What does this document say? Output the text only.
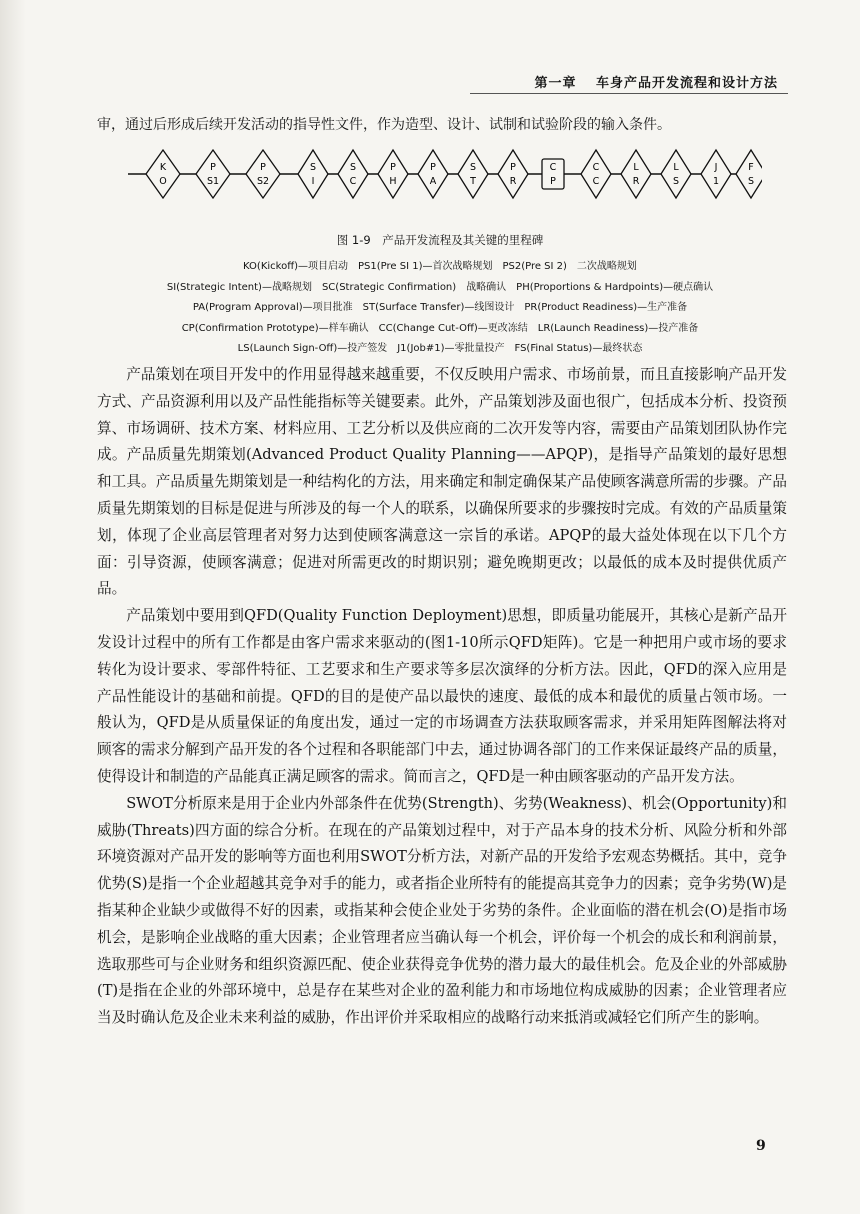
第一章 车身产品开发流程和设计方法
审，通过后形成后续开发活动的指导性文件，作为造型、设计、试制和试验阶段的输入条件。
K
O
P
S1
P
S2
S
I
S
C
P
H
P
A
S
T
P
R
C
P
C
C
L
R
L
S
J
1
F
S
图 1-9　产品开发流程及其关键的里程碑
KO(Kickoff)—项目启动　PS1(Pre SI 1)—首次战略规划　PS2(Pre SI 2)　二次战略规划
SI(Strategic Intent)—战略规划　SC(Strategic Confirmation)　战略确认　PH(Proportions & Hardpoints)—硬点确认
PA(Program Approval)—项目批准　ST(Surface Transfer)—线图设计　PR(Product Readiness)—生产准备
CP(Confirmation Prototype)—样车确认　CC(Change Cut-Off)—更改冻结　LR(Launch Readiness)—投产准备
LS(Launch Sign-Off)—投产签发　J1(Job#1)—零批量投产　FS(Final Status)—最终状态

产品策划在项目开发中的作用显得越来越重要，不仅反映用户需求、市场前景，而且直接影响产品开发方式、产品资源利用以及产品性能指标等关键要素。此外，产品策划涉及面也很广，包括成本分析、投资预算、市场调研、技术方案、材料应用、工艺分析以及供应商的二次开发等内容，需要由产品策划团队协作完成。产品质量先期策划(Advanced Product Quality Planning——APQP)，是指导产品策划的最好思想和工具。产品质量先期策划是一种结构化的方法，用来确定和制定确保某产品使顾客满意所需的步骤。产品质量先期策划的目标是促进与所涉及的每一个人的联系，以确保所要求的步骤按时完成。有效的产品质量策划，体现了企业高层管理者对努力达到使顾客满意这一宗旨的承诺。APQP的最大益处体现在以下几个方面：引导资源，使顾客满意；促进对所需更改的时期识别；避免晚期更改；以最低的成本及时提供优质产品。

产品策划中要用到QFD(Quality Function Deployment)思想，即质量功能展开，其核心是新产品开发设计过程中的所有工作都是由客户需求来驱动的(图1-10所示QFD矩阵)。它是一种把用户或市场的要求转化为设计要求、零部件特征、工艺要求和生产要求等多层次演绎的分析方法。因此，QFD的深入应用是产品性能设计的基础和前提。QFD的目的是使产品以最快的速度、最低的成本和最优的质量占领市场。一般认为，QFD是从质量保证的角度出发，通过一定的市场调查方法获取顾客需求，并采用矩阵图解法将对顾客的需求分解到产品开发的各个过程和各职能部门中去，通过协调各部门的工作来保证最终产品的质量，使得设计和制造的产品能真正满足顾客的需求。简而言之，QFD是一种由顾客驱动的产品开发方法。

SWOT分析原来是用于企业内外部条件在优势(Strength)、劣势(Weakness)、机会(Opportunity)和威胁(Threats)四方面的综合分析。在现在的产品策划过程中，对于产品本身的技术分析、风险分析和外部环境资源对产品开发的影响等方面也利用SWOT分析方法，对新产品的开发给予宏观态势概括。其中，竞争优势(S)是指一个企业超越其竞争对手的能力，或者指企业所特有的能提高其竞争力的因素；竞争劣势(W)是指某种企业缺少或做得不好的因素，或指某种会使企业处于劣势的条件。企业面临的潜在机会(O)是指市场机会，是影响企业战略的重大因素；企业管理者应当确认每一个机会，评价每一个机会的成长和利润前景，选取那些可与企业财务和组织资源匹配、使企业获得竞争优势的潜力最大的最佳机会。危及企业的外部威胁(T)是指在企业的外部环境中，总是存在某些对企业的盈利能力和市场地位构成威胁的因素；企业管理者应当及时确认危及企业未来利益的威胁，作出评价并采取相应的战略行动来抵消或减轻它们所产生的影响。

9
